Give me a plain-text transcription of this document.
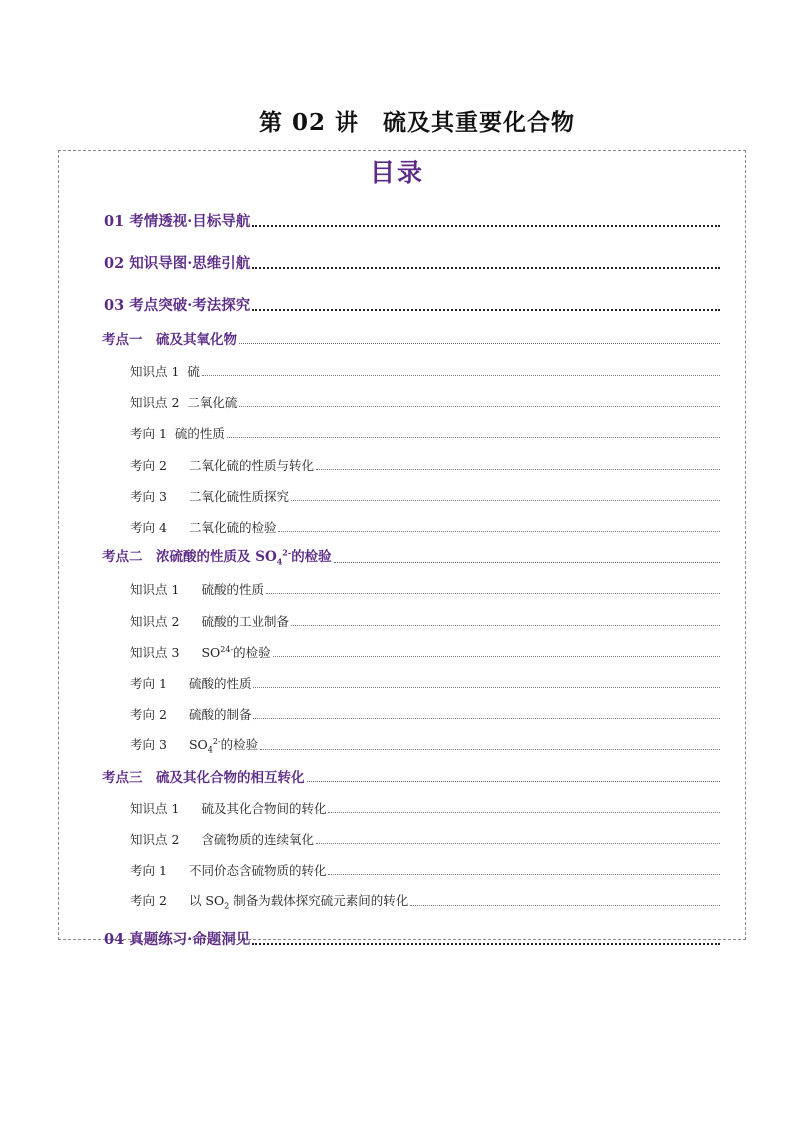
第 02 讲　硫及其重要化合物
目录
01 考情透视·目标导航
02 知识导图·思维引航
03 考点突破·考法探究
考点一　硫及其氧化物
知识点 1 硫
知识点 2 二氧化硫
考向 1 硫的性质
考向 2 二氧化硫的性质与转化
考向 3 二氧化硫性质探究
考向 4 二氧化硫的检验
考点二　浓硫酸的性质及 $SO_4^{2-}$的检验
知识点 1 硫酸的性质
知识点 2 硫酸的工业制备
知识点 3 $SO^{24-}$的检验
考向 1 硫酸的性质
考向 2 硫酸的制备
考向 3 $SO_4^{2-}$的检验
考点三　硫及其化合物的相互转化
知识点 1 硫及其化合物间的转化
知识点 2 含硫物质的连续氧化
考向 1 不同价态含硫物质的转化
考向 2 以 $SO_2$ 制备为载体探究硫元素间的转化
04 真题练习·命题洞见
